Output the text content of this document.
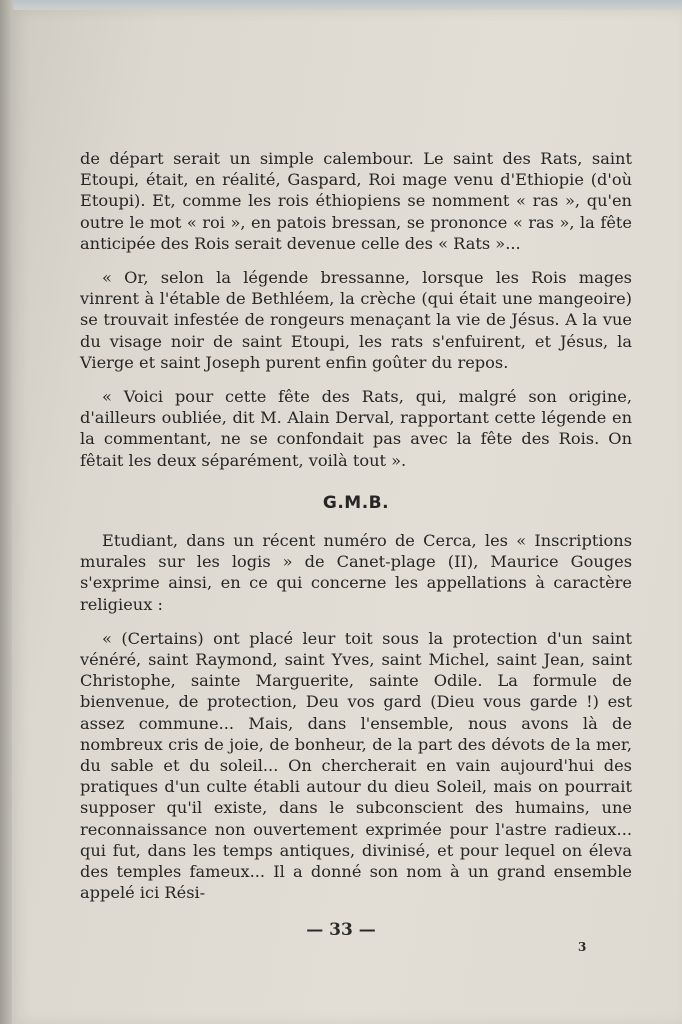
de départ serait un simple calembour. Le saint des Rats, saint Etoupi, était, en réalité, Gaspard, Roi mage venu d'Ethiopie (d'où Etoupi). Et, comme les rois éthiopiens se nomment « ras », qu'en outre le mot « roi », en patois bressan, se prononce « ras », la fête anticipée des Rois serait devenue celle des « Rats »...

« Or, selon la légende bressanne, lorsque les Rois mages vinrent à l'étable de Bethléem, la crèche (qui était une mangeoire) se trouvait infestée de rongeurs menaçant la vie de Jésus. A la vue du visage noir de saint Etoupi, les rats s'enfuirent, et Jésus, la Vierge et saint Joseph purent enfin goûter du repos.

« Voici pour cette fête des Rats, qui, malgré son origine, d'ailleurs oubliée, dit M. Alain Derval, rapportant cette légende en la commentant, ne se confondait pas avec la fête des Rois. On fêtait les deux séparément, voilà tout ».

G.M.B.

Etudiant, dans un récent numéro de Cerca, les « Inscriptions murales sur les logis » de Canet-plage (II), Maurice Gouges s'exprime ainsi, en ce qui concerne les appellations à caractère religieux :

« (Certains) ont placé leur toit sous la protection d'un saint vénéré, saint Raymond, saint Yves, saint Michel, saint Jean, saint Christophe, sainte Marguerite, sainte Odile. La formule de bienvenue, de protection, Deu vos gard (Dieu vous garde !) est assez commune... Mais, dans l'ensemble, nous avons là de nombreux cris de joie, de bonheur, de la part des dévots de la mer, du sable et du soleil... On chercherait en vain aujourd'hui des pratiques d'un culte établi autour du dieu Soleil, mais on pourrait supposer qu'il existe, dans le subconscient des humains, une reconnaissance non ouvertement exprimée pour l'astre radieux... qui fut, dans les temps antiques, divinisé, et pour lequel on éleva des temples fameux... Il a donné son nom à un grand ensemble appelé ici Rési-

— 33 —
3
